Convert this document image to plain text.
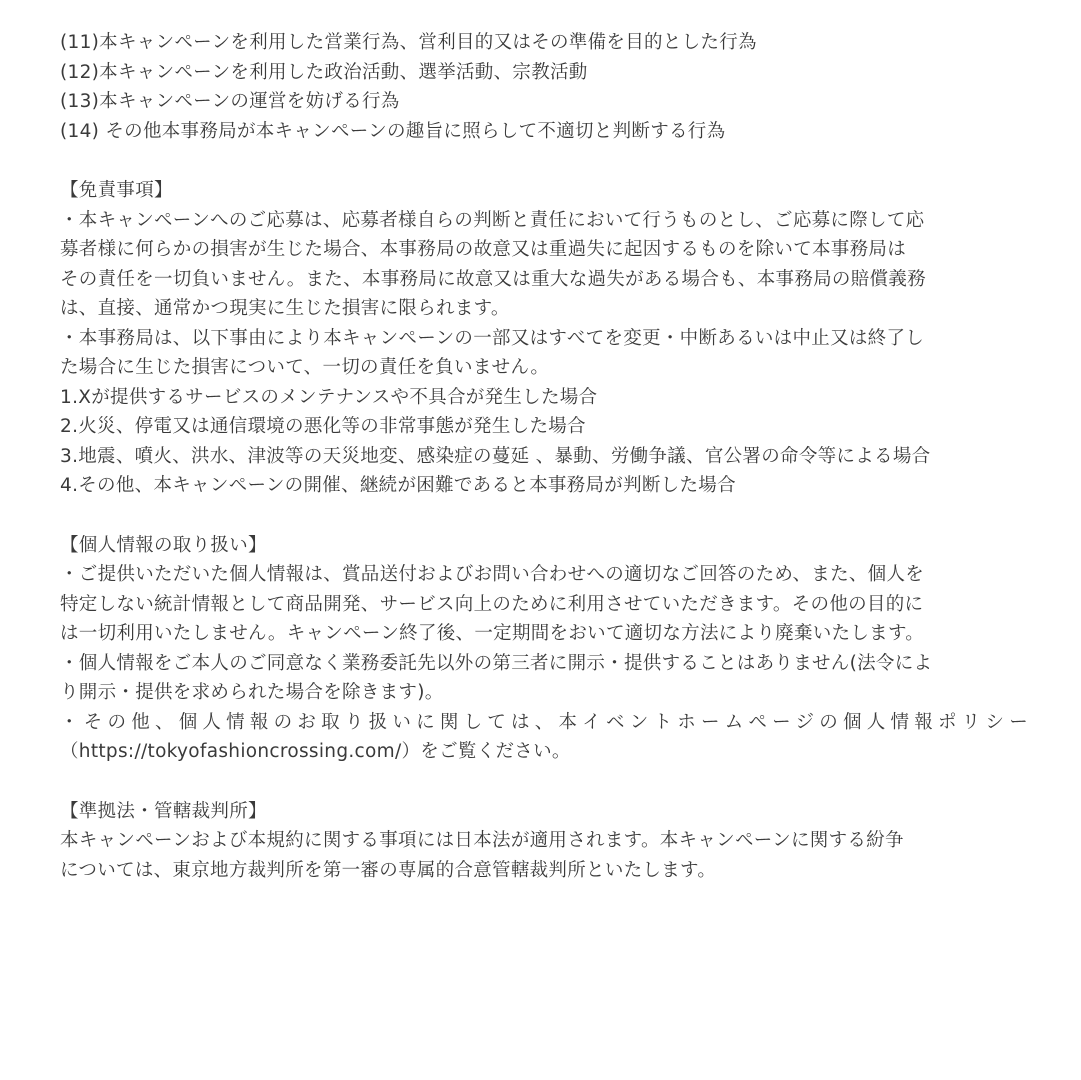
(11)本キャンペーンを利用した営業行為、営利目的又はその準備を目的とした行為
(12)本キャンペーンを利用した政治活動、選挙活動、宗教活動
(13)本キャンペーンの運営を妨げる行為
(14) その他本事務局が本キャンペーンの趣旨に照らして不適切と判断する行為
【免責事項】
・本キャンペーンへのご応募は、応募者様自らの判断と責任において行うものとし、ご応募に際して応
募者様に何らかの損害が生じた場合、本事務局の故意又は重過失に起因するものを除いて本事務局は
その責任を一切負いません。また、本事務局に故意又は重大な過失がある場合も、本事務局の賠償義務
は、直接、通常かつ現実に生じた損害に限られます。
・本事務局は、以下事由により本キャンペーンの一部又はすべてを変更・中断あるいは中止又は終了し
た場合に生じた損害について、一切の責任を負いません。
1.Xが提供するサービスのメンテナンスや不具合が発生した場合
2.火災、停電又は通信環境の悪化等の非常事態が発生した場合
3.地震、噴火、洪水、津波等の天災地変、感染症の蔓延 、暴動、労働争議、官公署の命令等による場合
4.その他、本キャンペーンの開催、継続が困難であると本事務局が判断した場合
【個人情報の取り扱い】
・ご提供いただいた個人情報は、賞品送付およびお問い合わせへの適切なご回答のため、また、個人を
特定しない統計情報として商品開発、サービス向上のために利用させていただきます。その他の目的に
は一切利用いたしません。キャンペーン終了後、一定期間をおいて適切な方法により廃棄いたします。
・個人情報をご本人のご同意なく業務委託先以外の第三者に開示・提供することはありません(法令によ
り開示・提供を求められた場合を除きます)。
・その他、個人情報のお取り扱いに関しては、本イベントホームページの個人情報ポリシー
（https://tokyofashioncrossing.com/）をご覧ください。
【準拠法・管轄裁判所】
本キャンペーンおよび本規約に関する事項には日本法が適用されます。本キャンペーンに関する紛争
については、東京地方裁判所を第一審の専属的合意管轄裁判所といたします。
